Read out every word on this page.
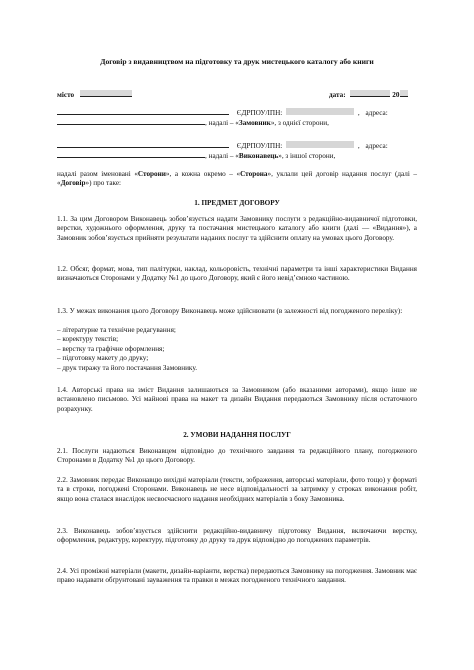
Договір з видавництвом на підготовку та друк мистецького каталогу або книги
місто	дата:	20
ЄДРПОУ/ІПН:	, адреса:
, надалі – «Замовник», з однієї сторони,
ЄДРПОУ/ІПН:	, адреса:
, надалі – «Виконавець», з іншої сторони,
надалі разом іменовані «Сторони», а кожна окремо – «Сторона», уклали цей договір надання послуг (далі – «Договір») про таке:
1. ПРЕДМЕТ ДОГОВОРУ
1.1. За цим Договором Виконавець зобов’язується надати Замовнику послуги з редакційно-видавничої підготовки, верстки, художнього оформлення, друку та постачання мистецького каталогу або книги (далі — «Видання»), а Замовник зобов’язується прийняти результати наданих послуг та здійснити оплату на умовах цього Договору.
1.2. Обсяг, формат, мова, тип палітурки, наклад, кольоровість, технічні параметри та інші характеристики Видання визначаються Сторонами у Додатку №1 до цього Договору, який є його невід’ємною частиною.
1.3. У межах виконання цього Договору Виконавець може здійснювати (в залежності від погодженого переліку):
– літературне та технічне редагування;
– коректуру текстів;
– верстку та графічне оформлення;
– підготовку макету до друку;
– друк тиражу та його постачання Замовнику.
1.4. Авторські права на зміст Видання залишаються за Замовником (або вказаними авторами), якщо інше не встановлено письмово. Усі майнові права на макет та дизайн Видання передаються Замовнику після остаточного розрахунку.
2. УМОВИ НАДАННЯ ПОСЛУГ
2.1. Послуги надаються Виконавцем відповідно до технічного завдання та редакційного плану, погодженого Сторонами в Додатку №1 до цього Договору.
2.2. Замовник передає Виконавцю вихідні матеріали (тексти, зображення, авторські матеріали, фото тощо) у форматі та в строки, погоджені Сторонами. Виконавець не несе відповідальності за затримку у строках виконання робіт, якщо вона сталася внаслідок несвоєчасного надання необхідних матеріалів з боку Замовника.
2.3. Виконавець зобов’язується здійснити редакційно-видавничу підготовку Видання, включаючи верстку, оформлення, редактуру, коректуру, підготовку до друку та друк відповідно до погоджених параметрів.
2.4. Усі проміжні матеріали (макети, дизайн-варіанти, верстка) передаються Замовнику на погодження. Замовник має право надавати обґрунтовані зауваження та правки в межах погодженого технічного завдання.
